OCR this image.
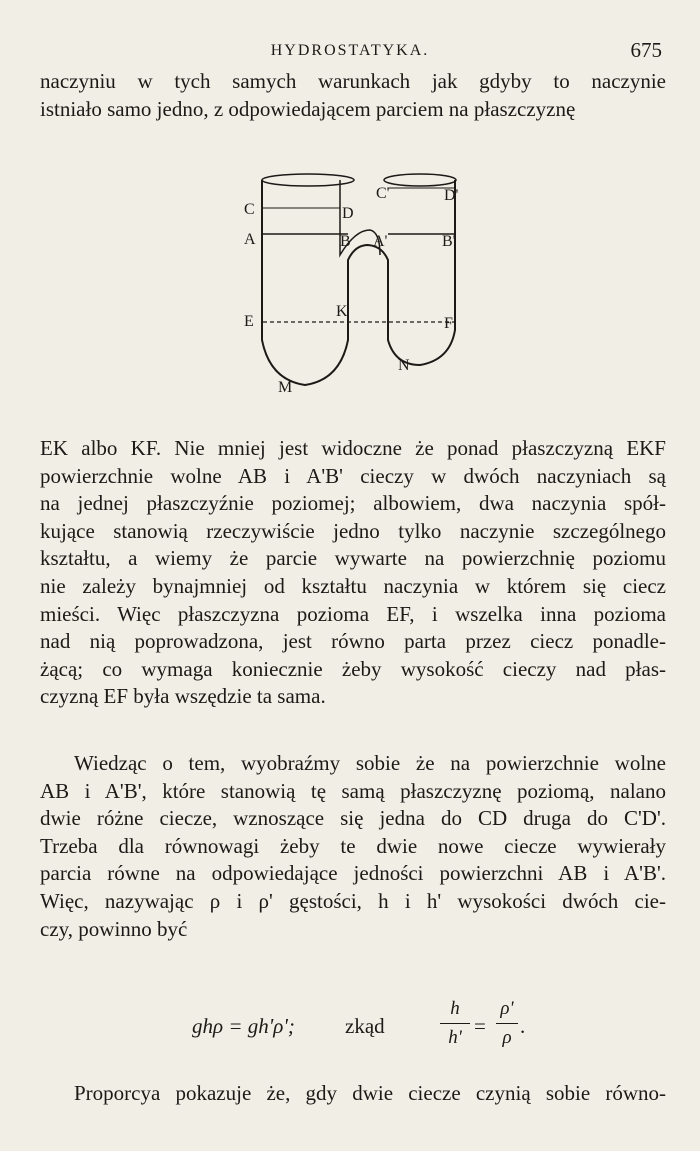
HYDROSTATYKA.	675
naczyniu w tych samych warunkach jak gdyby to naczynie
istniało samo jedno, z odpowiedającem parciem na płaszczyznę
C	D
A	B
C'	D'
A'	B'
E
K
F
M
N
EK albo KF. Nie mniej jest widoczne że ponad płaszczyzną EKF
powierzchnie wolne AB i A'B' cieczy w dwóch naczyniach są
na jednej płaszczyźnie poziomej; albowiem, dwa naczynia spół-
kujące stanowią rzeczywiście jedno tylko naczynie szczególnego
kształtu, a wiemy że parcie wywarte na powierzchnię poziomu
nie zależy bynajmniej od kształtu naczynia w którem się ciecz
mieści. Więc płaszczyzna pozioma EF, i wszelka inna pozioma
nad nią poprowadzona, jest równo parta przez ciecz ponadle-
żącą; co wymaga koniecznie żeby wysokość cieczy nad płas-
czyzną EF była wszędzie ta sama.
Wiedząc o tem, wyobraźmy sobie że na powierzchnie wolne
AB i A'B', które stanowią tę samą płaszczyznę poziomą, nalano
dwie różne ciecze, wznoszące się jedna do CD druga do C'D'.
Trzeba dla równowagi żeby te dwie nowe ciecze wywierały
parcia równe na odpowiedające jedności powierzchni AB i A'B'.
Więc, nazywając ρ i ρ' gęstości, h i h' wysokości dwóch cie-
czy, powinno być
ghρ = gh'ρ'; zkąd
h
h' =
ρ'
ρ .
Proporcya pokazuje że, gdy dwie ciecze czynią sobie równo-
